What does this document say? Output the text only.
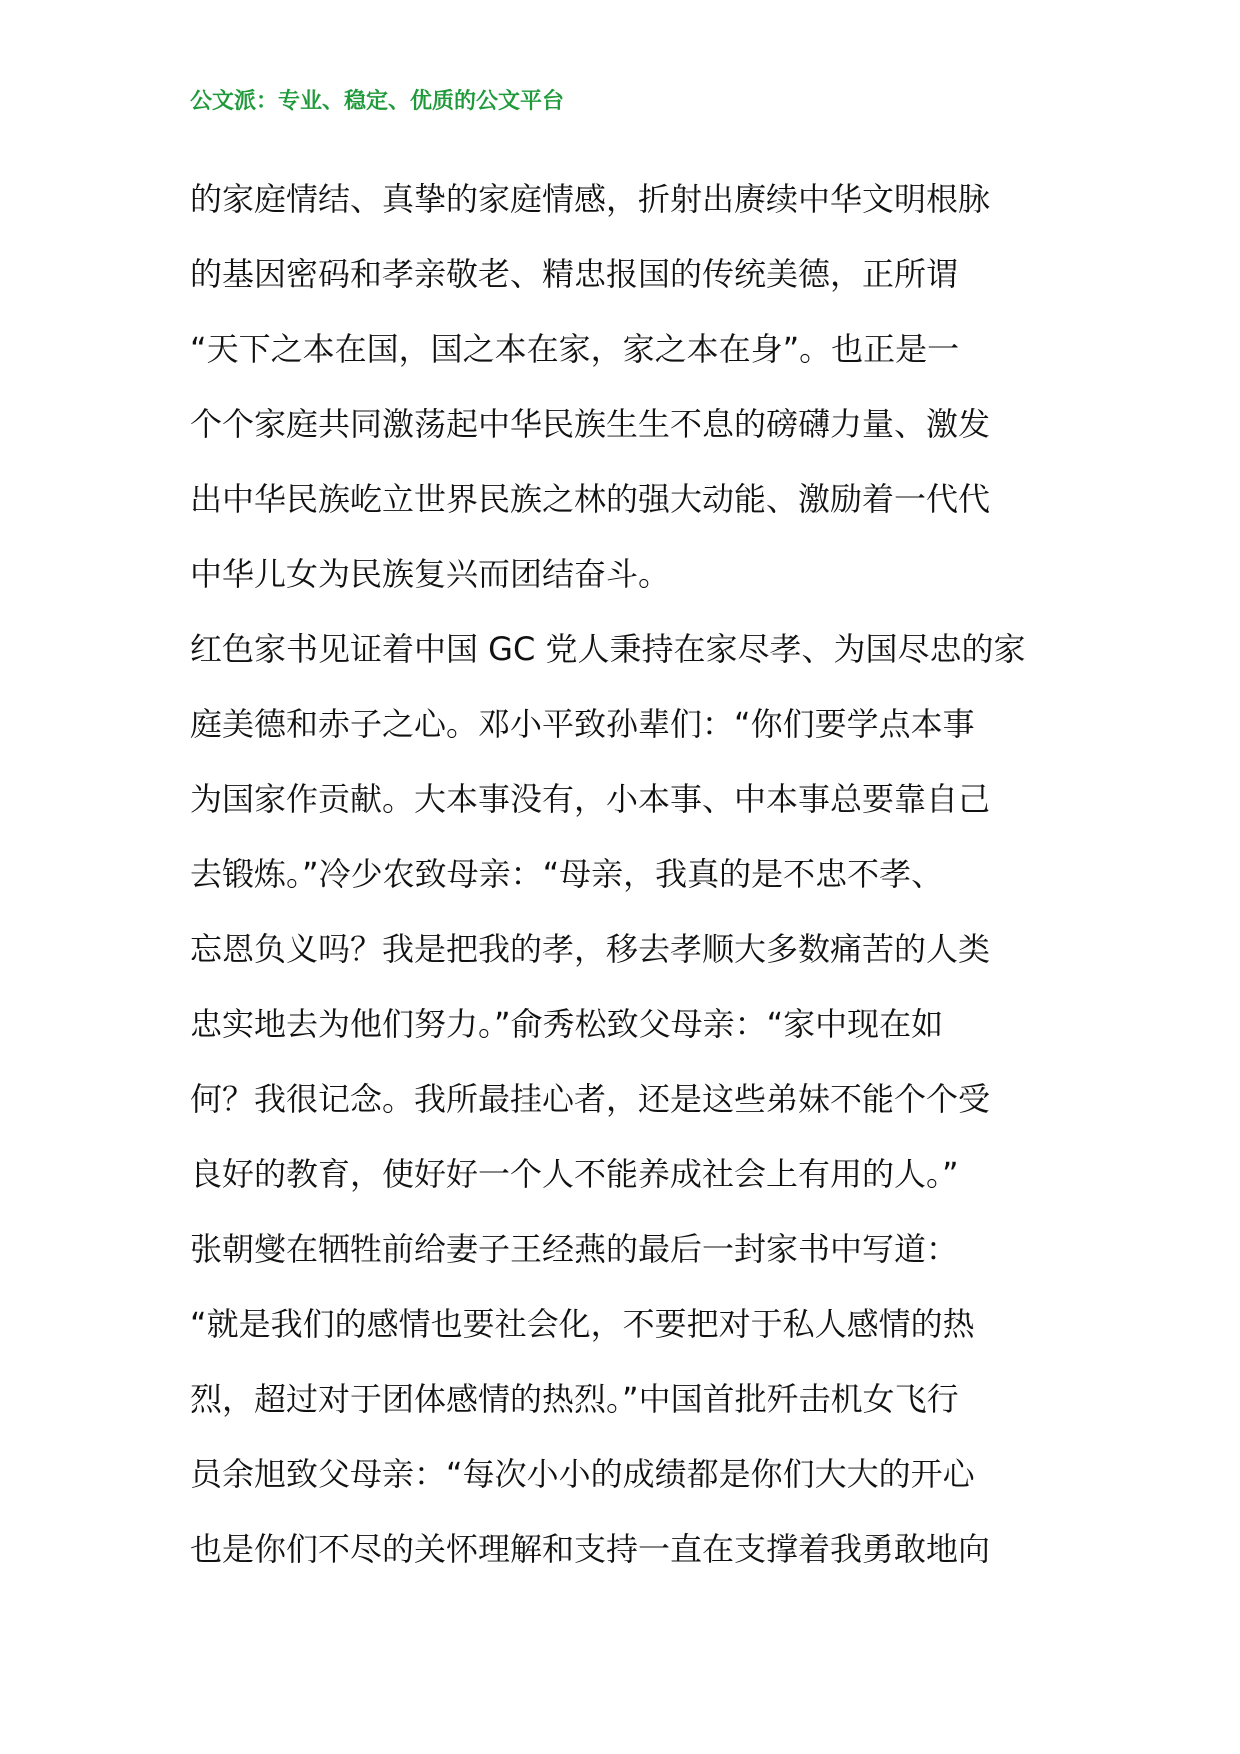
公文派：专业、稳定、优质的公文平台
的家庭情结、真挚的家庭情感，折射出赓续中华文明根脉
的基因密码和孝亲敬老、精忠报国的传统美德，正所谓
“天下之本在国，国之本在家，家之本在身”。也正是一
个个家庭共同激荡起中华民族生生不息的磅礴力量、激发
出中华民族屹立世界民族之林的强大动能、激励着一代代
中华儿女为民族复兴而团结奋斗。
红色家书见证着中国 GC 党人秉持在家尽孝、为国尽忠的家
庭美德和赤子之心。邓小平致孙辈们：“你们要学点本事
为国家作贡献。大本事没有，小本事、中本事总要靠自己
去锻炼。”冷少农致母亲：“母亲，我真的是不忠不孝、
忘恩负义吗？我是把我的孝，移去孝顺大多数痛苦的人类
忠实地去为他们努力。”俞秀松致父母亲：“家中现在如
何？我很记念。我所最挂心者，还是这些弟妹不能个个受
良好的教育，使好好一个人不能养成社会上有用的人。”
张朝燮在牺牲前给妻子王经燕的最后一封家书中写道：
“就是我们的感情也要社会化，不要把对于私人感情的热
烈，超过对于团体感情的热烈。”中国首批歼击机女飞行
员余旭致父母亲：“每次小小的成绩都是你们大大的开心
也是你们不尽的关怀理解和支持一直在支撑着我勇敢地向
